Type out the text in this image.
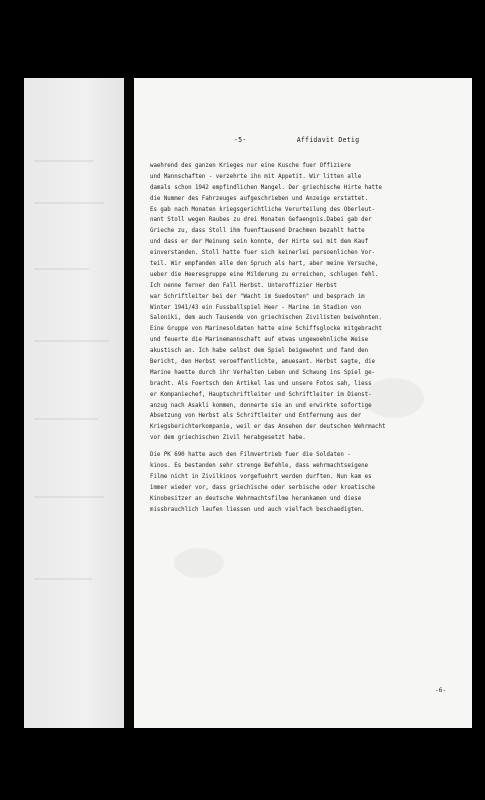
-5-	Affidavit Detig
waehrend des ganzen Krieges nur eine Kusche fuer Offiziere
und Mannschaften - verzehrte ihn mit Appetit. Wir litten alle
damals schon 1942 empfindlichen Mangel. Der griechische Hirte hatte
die Nummer des Fahrzeuges aufgeschrieben und Anzeige erstattet.
Es gab nach Monaten kriegsgerichtliche Verurteilung des Oberleut-
nant Stoll wegen Raubes zu drei Monaten Gefaengnis.Dabei gab der
Grieche zu, dass Stoll ihm fuenftausend Drachmen bezahlt hatte
und dass er der Meinung sein konnte, der Hirte sei mit dem Kauf
einverstanden. Stoll hatte fuer sich keinerlei persoenlichen Vor-
teil. Wir empfanden alle den Spruch als hart, aber meine Versuche,
ueber die Heeresgruppe eine Milderung zu erreichen, schlugen fehl.
Ich nenne ferner den Fall Herbst. Unteroffizier Herbst
war Schriftleiter bei der "Wacht im Suedosten" und besprach im
Winter 1941/43 ein Fussballspiel Heer - Marine im Stadion von
Saloniki, dem auch Tausende von griechischen Zivilisten beiwohnten.
Eine Gruppe von Marinesoldaten hatte eine Schiffsglocke mitgebracht
und feuerte die Marinemannschaft auf etwas ungewoehnliche Weise
akustisch an. Ich habe selbst dem Spiel beigewohnt und fand den
Bericht, den Herbst veroeffentlichte, amuesant. Herbst sagte, die
Marine haette durch ihr Verhalten Leben und Schwung ins Spiel ge-
bracht. Als Foertsch den Artikel las und unsere Fotos sah, liess
er Kompaniechef, Hauptschriftleiter und Schriftleiter im Dienst-
anzug nach Asakli kommen, donnerte sie an und erwirkte sofortige
Absetzung von Herbst als Schriftleiter und Entfernung aus der
Kriegsberichterkompanie, weil er das Ansehen der deutschen Wehrmacht
vor dem griechischen Zivil herabgesetzt habe.
Die PK 690 hatte auch den Filmvertrieb fuer die Soldaten -
kinos. Es bestanden sehr strenge Befehle, dass wehrmachtseigene
Filme nicht in Zivilkinos vorgefuehrt werden durften. Nun kam es
immer wieder vor, dass griechische oder serbische oder kroatische
Kinobesitzer an deutsche Wehrmachtsfilme herankamen und diese
missbrauchlich laufen liessen und auch vielfach beschaedigten.
-6-
